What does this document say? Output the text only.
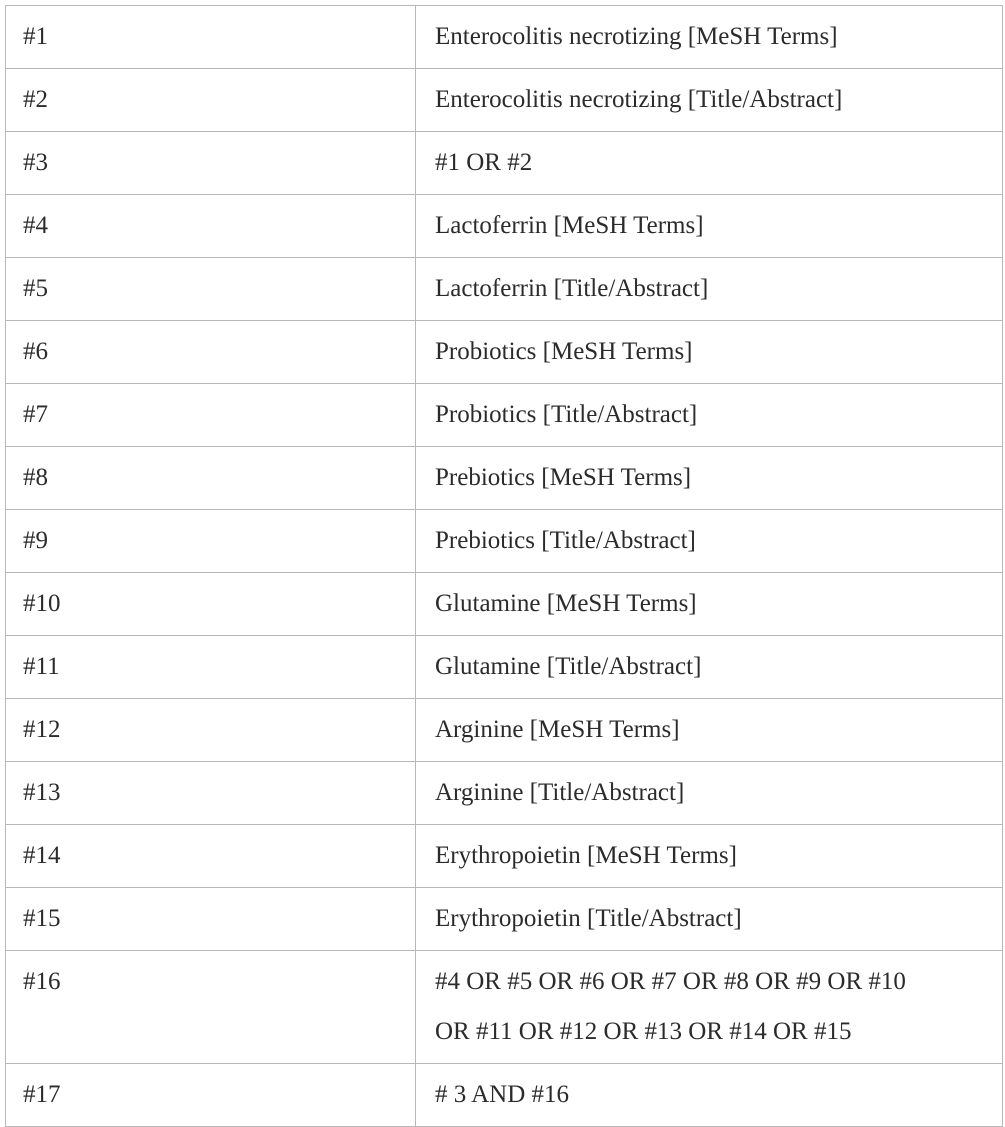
#1	Enterocolitis necrotizing [MeSH Terms]
#2	Enterocolitis necrotizing [Title/Abstract]
#3	#1 OR #2
#4	Lactoferrin [MeSH Terms]
#5	Lactoferrin [Title/Abstract]
#6	Probiotics [MeSH Terms]
#7	Probiotics [Title/Abstract]
#8	Prebiotics [MeSH Terms]
#9	Prebiotics [Title/Abstract]
#10	Glutamine [MeSH Terms]
#11	Glutamine [Title/Abstract]
#12	Arginine [MeSH Terms]
#13	Arginine [Title/Abstract]
#14	Erythropoietin [MeSH Terms]
#15	Erythropoietin [Title/Abstract]
#16	#4 OR #5 OR #6 OR #7 OR #8 OR #9 OR #10
OR #11 OR #12 OR #13 OR #14 OR #15

#17	# 3 AND #16
